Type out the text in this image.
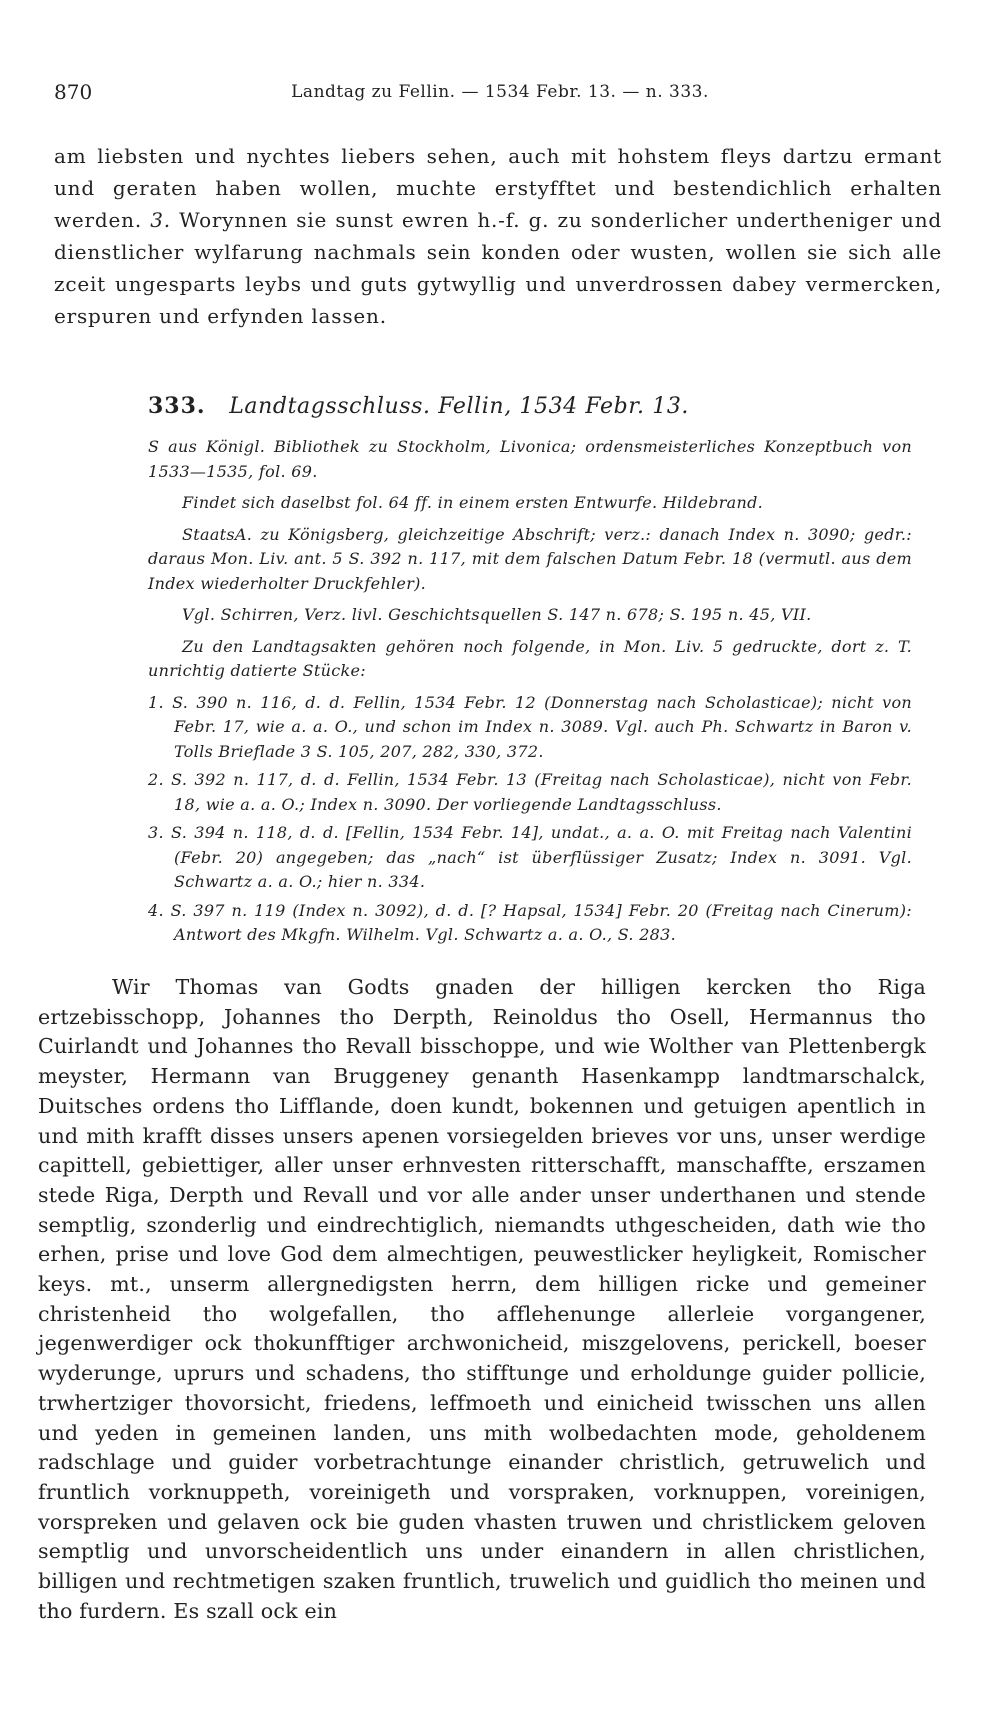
870	Landtag zu Fellin. — 1534 Febr. 13. — n. 333.
am liebsten und nychtes liebers sehen, auch mit hohstem fleys dartzu ermant und geraten haben wollen, muchte erstyfftet und bestendichlich erhalten werden. 3. Worynnen sie sunst ewren h.-f. g. zu sonderlicher undertheniger und dienstlicher wylfarung nachmals sein konden oder wusten, wollen sie sich alle zceit ungesparts leybs und guts gytwyllig und unverdrossen dabey vermercken, erspuren und erfynden lassen.
333. Landtagsschluss. Fellin, 1534 Febr. 13.

S aus Königl. Bibliothek zu Stockholm, Livonica; ordensmeisterliches Konzeptbuch von 1533—1535, fol. 69.

Findet sich daselbst fol. 64 ff. in einem ersten Entwurfe. Hildebrand.

StaatsA. zu Königsberg, gleichzeitige Abschrift; verz.: danach Index n. 3090; gedr.: daraus Mon. Liv. ant. 5 S. 392 n. 117, mit dem falschen Datum Febr. 18 (vermutl. aus dem Index wiederholter Druckfehler).

Vgl. Schirren, Verz. livl. Geschichtsquellen S. 147 n. 678; S. 195 n. 45, VII.

Zu den Landtagsakten gehören noch folgende, in Mon. Liv. 5 gedruckte, dort z. T. unrichtig datierte Stücke:

1. S. 390 n. 116, d. d. Fellin, 1534 Febr. 12 (Donnerstag nach Scholasticae); nicht von Febr. 17, wie a. a. O., und schon im Index n. 3089. Vgl. auch Ph. Schwartz in Baron v. Tolls Brieflade 3 S. 105, 207, 282, 330, 372.

2. S. 392 n. 117, d. d. Fellin, 1534 Febr. 13 (Freitag nach Scholasticae), nicht von Febr. 18, wie a. a. O.; Index n. 3090. Der vorliegende Landtagsschluss.

3. S. 394 n. 118, d. d. [Fellin, 1534 Febr. 14], undat., a. a. O. mit Freitag nach Valentini (Febr. 20) angegeben; das „nach“ ist überflüssiger Zusatz; Index n. 3091. Vgl. Schwartz a. a. O.; hier n. 334.

4. S. 397 n. 119 (Index n. 3092), d. d. [? Hapsal, 1534] Febr. 20 (Freitag nach Cinerum): Antwort des Mkgfn. Wilhelm. Vgl. Schwartz a. a. O., S. 283.

Wir Thomas van Godts gnaden der hilligen kercken tho Riga ertzebisschopp, Johannes tho Derpth, Reinoldus tho Osell, Hermannus tho Cuirlandt und Johannes tho Revall bisschoppe, und wie Wolther van Plettenbergk meyster, Hermann van Bruggeney genanth Hasenkampp landtmarschalck, Duitsches ordens tho Lifflande, doen kundt, bokennen und getuigen apentlich in und mith krafft disses unsers apenen vorsiegelden brieves vor uns, unser werdige capittell, gebiettiger, aller unser erhnvesten ritterschafft, manschaffte, erszamen stede Riga, Derpth und Revall und vor alle ander unser underthanen und stende semptlig, szonderlig und eindrechtiglich, niemandts uthgescheiden, dath wie tho erhen, prise und love God dem almechtigen, peuwestlicker heyligkeit, Romischer keys. mt., unserm allergnedigsten herrn, dem hilligen ricke und gemeiner christenheid tho wolgefallen, tho afflehenunge allerleie vorgangener, jegenwerdiger ock thokunfftiger archwonicheid, miszgelovens, perickell, boeser wyderunge, uprurs und schadens, tho stifftunge und erholdunge guider pollicie, trwhertziger thovorsicht, friedens, leffmoeth und einicheid twisschen uns allen und yeden in gemeinen landen, uns mith wolbedachten mode, geholdenem radschlage und guider vorbetrachtunge einander christlich, getruwelich und fruntlich vorknuppeth, voreinigeth und vorspraken, vorknuppen, voreinigen, vorspreken und gelaven ock bie guden vhasten truwen und christlickem geloven semptlig und unvorscheidentlich uns under einandern in allen christlichen, billigen und rechtmetigen szaken fruntlich, truwelich und guidlich tho meinen und tho furdern. Es szall ock ein
